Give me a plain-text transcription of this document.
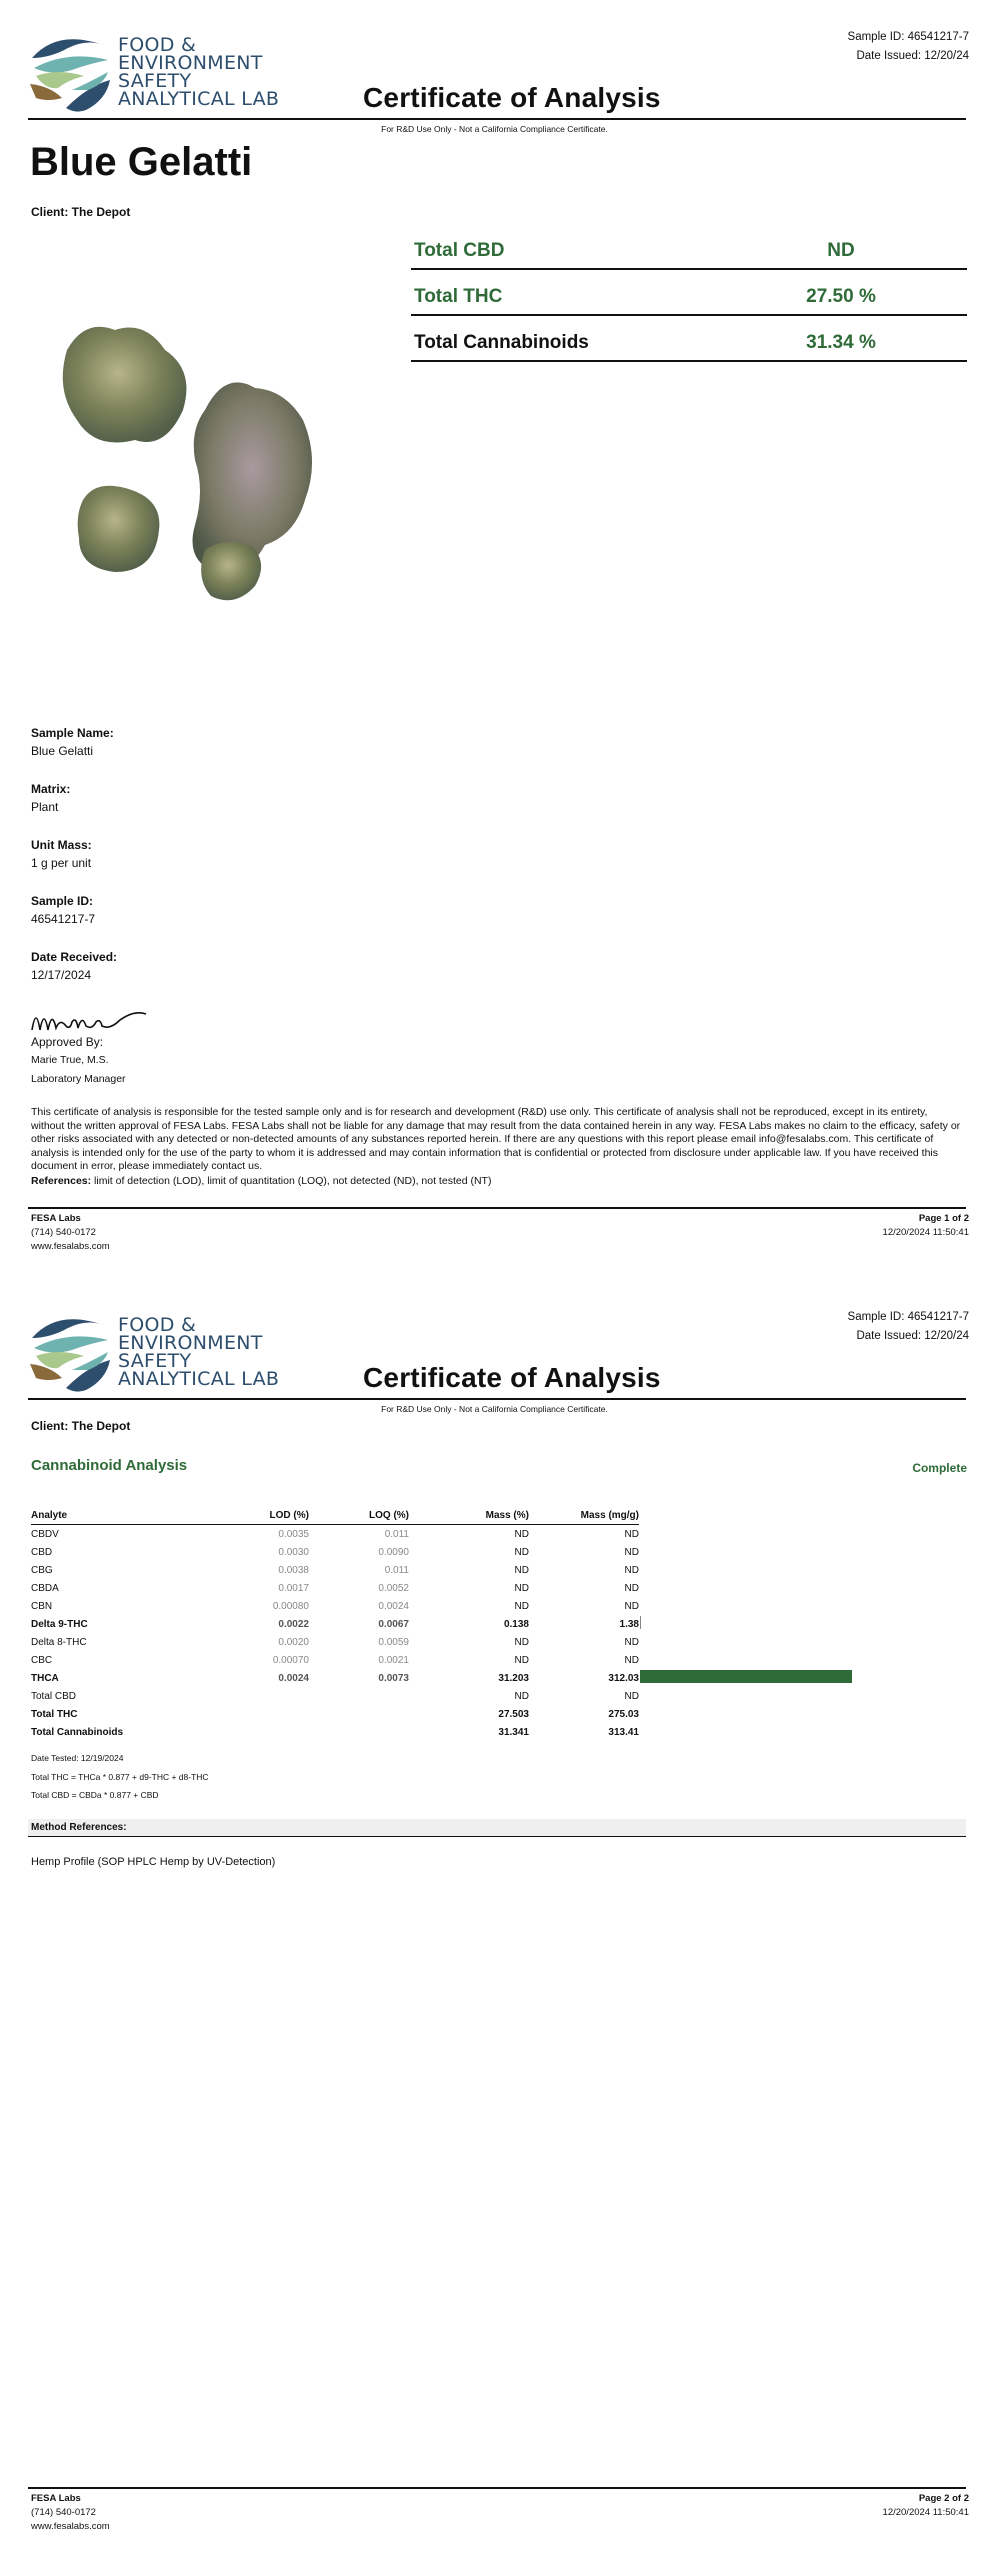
FOOD &
ENVIRONMENT
SAFETY
ANALYTICAL LAB
Sample ID: 46541217-7
Date Issued: 12/20/24
Certificate of Analysis
For R&D Use Only - Not a California Compliance Certificate.
Blue Gelatti
Client: The Depot
Total CBD	ND
Total THC	27.50 %
Total Cannabinoids	31.34 %
Sample Name:
Blue Gelatti
Matrix:
Plant
Unit Mass:
1 g per unit
Sample ID:
46541217-7
Date Received:
12/17/2024
Approved By:
Marie True, M.S.
Laboratory Manager
This certificate of analysis is responsible for the tested sample only and is for research and development (R&D) use only. This certificate of analysis shall not be reproduced, except in its entirety, without the written approval of FESA Labs. FESA Labs shall not be liable for any damage that may result from the data contained herein in any way. FESA Labs makes no claim to the efficacy, safety or other risks associated with any detected or non-detected amounts of any substances reported herein. If there are any questions with this report please email info@fesalabs.com. This certificate of analysis is intended only for the use of the party to whom it is addressed and may contain information that is confidential or protected from disclosure under applicable law. If you have received this document in error, please immediately contact us.
References: limit of detection (LOD), limit of quantitation (LOQ), not detected (ND), not tested (NT)
FESA Labs
(714) 540-0172
www.fesalabs.com
Page 1 of 2
12/20/2024 11:50:41
FOOD &
ENVIRONMENT
SAFETY
ANALYTICAL LAB
Sample ID: 46541217-7
Date Issued: 12/20/24
Certificate of Analysis
For R&D Use Only - Not a California Compliance Certificate.
Client: The Depot
Cannabinoid Analysis	Complete
Analyte	LOD (%)	LOQ (%)	Mass (%)	Mass (mg/g)
CBDV	0.0035	0.011	ND	ND
CBD	0.0030	0.0090	ND	ND
CBG	0.0038	0.011	ND	ND
CBDA	0.0017	0.0052	ND	ND
CBN	0.00080	0.0024	ND	ND
Delta 9-THC	0.0022	0.0067	0.138	1.38
Delta 8-THC	0.0020	0.0059	ND	ND
CBC	0.00070	0.0021	ND	ND
THCA	0.0024	0.0073	31.203	312.03
Total CBD			ND	ND
Total THC			27.503	275.03
Total Cannabinoids			31.341	313.41
Date Tested: 12/19/2024
Total THC = THCa * 0.877 + d9-THC + d8-THC
Total CBD = CBDa * 0.877 + CBD
Method References:
Hemp Profile (SOP HPLC Hemp by UV-Detection)
FESA Labs
(714) 540-0172
www.fesalabs.com
Page 2 of 2
12/20/2024 11:50:41
